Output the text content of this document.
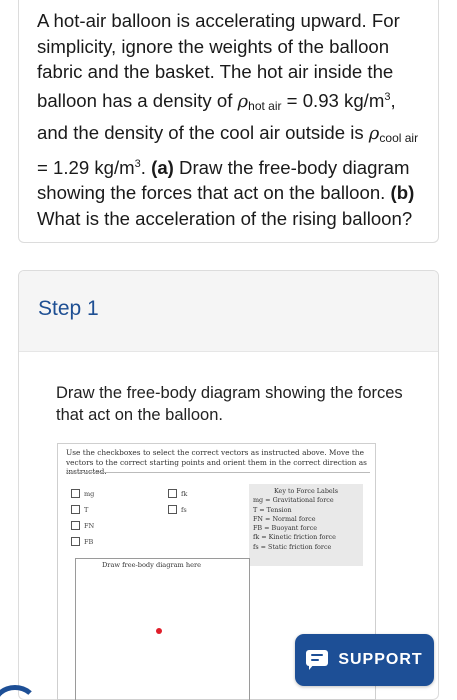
A hot-air balloon is accelerating upward. For simplicity, ignore the weights of the balloon fabric and the basket. The hot air inside the balloon has a density of $\rho_{hot air} = 0.93$ $kg/m^3$, and the density of the cool air outside is $\rho_{cool air} = 1.29$ $kg/m^3$. (a) Draw the free-body diagram showing the forces that act on the balloon. (b) What is the acceleration of the rising balloon?
Step 1
Draw the free-body diagram showing the forces that act on the balloon.
Use the checkboxes to select the correct vectors as instructed above. Move the vectors to the correct starting points and orient them in the correct direction as
mg
T
FN
FB
fk
fs
Key to Force Labels
mg = Gravitational force
T = Tension
FN = Normal force
FB = Buoyant force
fk = Kinetic friction force
fs = Static friction force
Draw free-body diagram here
SUPPORT
